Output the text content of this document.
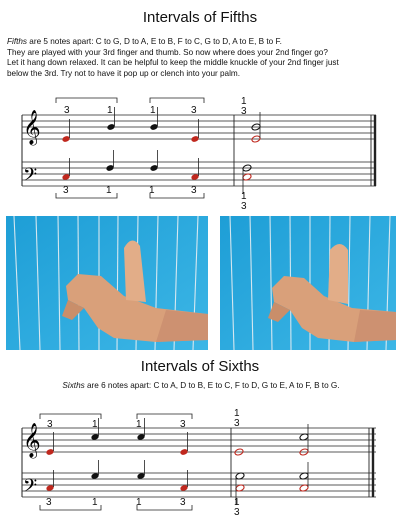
Intervals of Fifths
Fifths are 5 notes apart: C to G, D to A, E to B, F to C, G to D, A to E, B to F.
They are played with your 3rd finger and thumb. So now where does your 2nd finger go?
Let it hang down relaxed. It can be helpful to keep the middle knuckle of your 2nd finger just
below the 3rd. Try not to have it pop up or clench into your palm.
𝄞
𝄢
3	1	1	3
1
3
3	1	1	3
1
3
Intervals of Sixths
Sixths are 6 notes apart: C to A, D to B, E to C, F to D, G to E, A to F, B to G.
𝄞
𝄢
3	1	1	3
1
3
3	1	1	3	1
3
